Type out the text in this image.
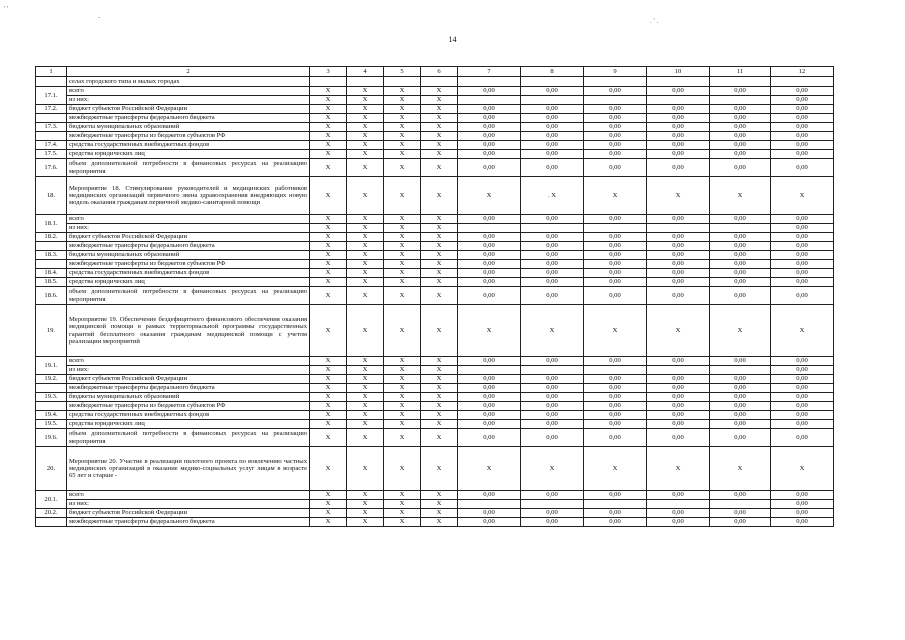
14
' '
-	. ' .
1	2	3	4	5	6	7	8	9	10	11	12
	селах городского типа и малых городах										
17.1.	всего	X	X	X	X	0,00	0,00	0,00	0,00	0,00	0,00
	из них:	X	X	X	X						0,00
17.2.	бюджет субъектов Российской Федерации	X	X	X	X	0,00	0,00	0,00	0,00	0,00	0,00
	межбюджетные трансферты федерального бюджета	X	X	X	X	0,00	0,00	0,00	0,00	0,00	0,00
17.3.	бюджеты муниципальных образований	X	X	X	X	0,00	0,00	0,00	0,00	0,00	0,00
	межбюджетные трансферты из бюджетов субъектов РФ	X	X	X	X	0,00	0,00	0,00	0,00	0,00	0,00
17.4.	средства государственных внебюджетных фондов	X	X	X	X	0,00	0,00	0,00	0,00	0,00	0,00
17.5.	средства юридических лиц	X	X	X	X	0,00	0,00	0,00	0,00	0,00	0,00
17.6.	объем дополнительной потребности в финансовых ресурсах на реализацию мероприятия	X	X	X	X	0,00	0,00	0,00	0,00	0,00	0,00
18.	Мероприятие 18. Стимулирование руководителей и медицинских работников медицинских организаций первичного звена здравоохранения внедряющих новую модель оказания гражданам первичной медико-санитарной помощи	X	X	X	X	X	. X	X	X	X	X
18.1.	всего	X	X	X	X	0,00	0,00	0,00	0,00	0,00	0,00
	из них:	X	X	X	X						0,00
18.2.	бюджет субъектов Российской Федерации	X	X	X	X	0,00	0,00	0,00	0,00	0,00	0,00
	межбюджетные трансферты федерального бюджета	X	X	X	X	0,00	0,00	0,00	0,00	0,00	0,00
18.3.	бюджеты муниципальных образований	X	X	X	X	0,00	0,00	0,00	0,00	0,00	0,00
	межбюджетные трансферты из бюджетов субъектов РФ	X	X	X	X	0,00	0,00	0,00	0,00	0,00	0,00
18.4.	средства государственных внебюджетных фондов	X	X	X	X	0,00	0,00	0,00	0,00	0,00	0,00
18.5.	средства юридических лиц	X	X	X	X	0,00	0,00	0,00	0,00	0,00	0,00
18.6.	объем дополнительной потребности в финансовых ресурсах на реализацию мероприятия	X	X	X	X	0,00	0,00	0,00	0,00	0,00	0,00
19.	Мероприятие 19. Обеспечение бездефицитного финансового обеспечения оказания медицинской помощи в рамках территориальной программы государственных гарантий бесплатного оказания гражданам медицинской помощи с учетом реализации мероприятий	X	X	X	X	X	X	X	X	X	X
19.1.	всего	X	X	X	X	0,00	0,00	0,00	0,00	0,00	0,00
	из них:	X	X	X	X						0,00
19.2.	бюджет субъектов Российской Федерации	X	X	X	X	0,00	0,00	0,00	0,00	0,00	0,00
	межбюджетные трансферты федерального бюджета	X	X	X	X	0,00	0,00	0,00	0,00	0,00	0,00
19.3.	бюджеты муниципальных образований	X	X	X	X	0,00	0,00	0,00	0,00	0,00	0,00
	межбюджетные трансферты из бюджетов субъектов РФ	X	X	X	X	0,00	0,00	0,00	0,00	0,00	0,00
19.4.	средства государственных внебюджетных фондов	X	X	X	X	0,00	0,00	0,00	0,00	0,00	0,00
19.5.	средства юридических лиц	X	X	X	X	0,00	0,00	0,00	0,00	0,00	0,00
19.6.	объем дополнительной потребности в финансовых ресурсах на реализацию мероприятия	X	X	X	X	0,00	0,00	0,00	0,00	0,00	0,00
20.	Мероприятие 20. Участие в реализации пилотного проекта по вовлечению частных медицинских организаций в оказание медико-социальных услуг лицам в возрасте 65 лет и старше -	X	X	X	X	X	X	X	X	X	X
20.1.	всего	X	X	X	X	0,00	0,00	0,00	0,00	0,00	0,00
	из них:	X	X	X	X						0,00
20.2.	бюджет субъектов Российской Федерации	X	X	X	X	0,00	0,00	0,00	0,00	0,00	0,00
	межбюджетные трансферты федерального бюджета	X	X	X	X	0,00	0,00	0,00	0,00	0,00	0,00
